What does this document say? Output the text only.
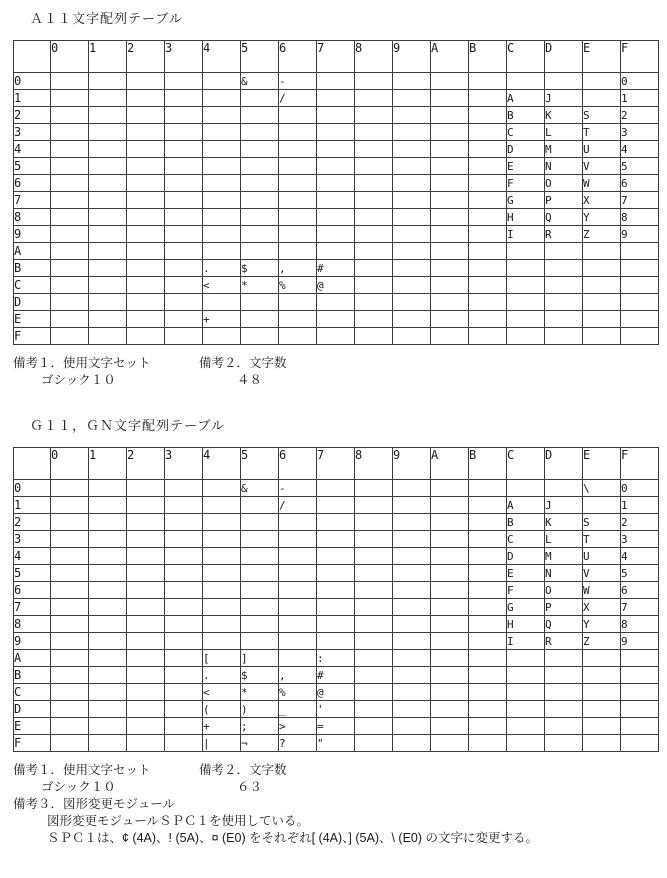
Ａ１１文字配列テーブル
	0	1	2	3	4	5	6	7	8	9	A	B	C	D	E	F
0						&	-									0
1							/						A	J		1
2													B	K	S	2
3													C	L	T	3
4													D	M	U	4
5													E	N	V	5
6													F	O	W	6
7													G	P	X	7
8													H	Q	Y	8
9													I	R	Z	9
A																
B					.	$	,	#								
C					<	*	%	@								
D																
E					+											
F																
備考１．使用文字セット	備考２．文字数
ゴシック１０	４８
Ｇ１１，ＧＮ文字配列テーブル
	0	1	2	3	4	5	6	7	8	9	A	B	C	D	E	F
0						&	-								\	0
1							/						A	J		1
2													B	K	S	2
3													C	L	T	3
4													D	M	U	4
5													E	N	V	5
6													F	O	W	6
7													G	P	X	7
8													H	Q	Y	8
9													I	R	Z	9
A					[	]		:								
B					.	$	,	#								
C					<	*	%	@								
D					(	)	_	'								
E					+	;	>	=								
F					|	¬	?	"								
備考１．使用文字セット	備考２．文字数
ゴシック１０	６３
備考３．図形変更モジュール
図形変更モジュールＳＰＣ１を使用している。
ＳＰＣ１は、¢ (4A)、! (5A)、¤ (E0) をそれぞれ[ (4A)、] (5A)、\ (E0) の文字に変更する。
